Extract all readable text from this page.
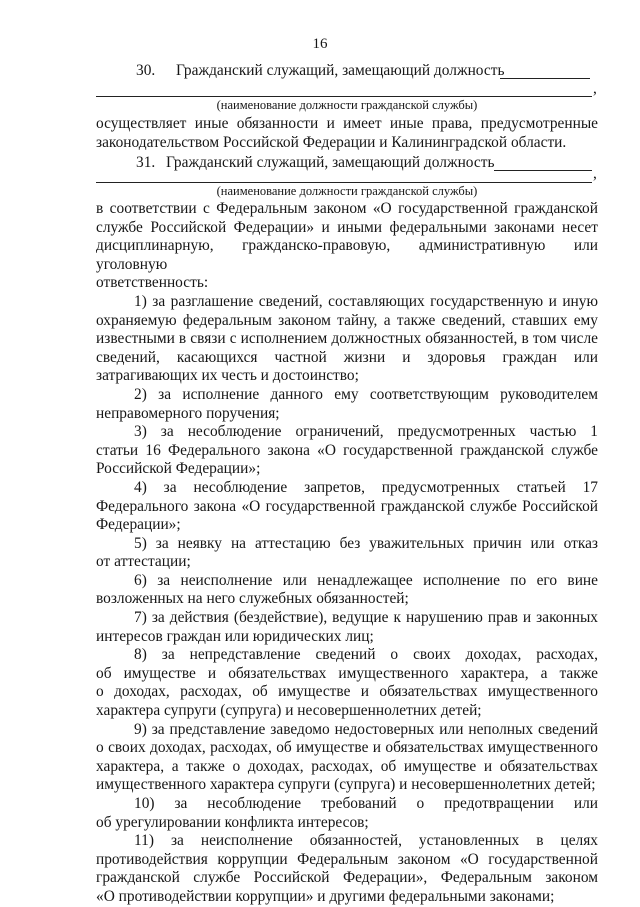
16
30. Гражданский служащий, замещающий должность
,
(наименование должности гражданской службы)
осуществляет иные обязанности и имеет иные права, предусмотренные
законодательством Российской Федерации и Калининградской области.
31. Гражданский служащий, замещающий должность
,
(наименование должности гражданской службы)
в соответствии с Федеральным законом «О государственной гражданской
службе Российской Федерации» и иными федеральными законами несет
дисциплинарную, гражданско-правовую, административную или уголовную
ответственность:
1) за разглашение сведений, составляющих государственную и иную
охраняемую федеральным законом тайну, а также сведений, ставших ему
известными в связи с исполнением должностных обязанностей, в том числе
сведений, касающихся частной жизни и здоровья граждан или
затрагивающих их честь и достоинство;
2) за исполнение данного ему соответствующим руководителем
неправомерного поручения;
3) за несоблюдение ограничений, предусмотренных частью 1
статьи 16 Федерального закона «О государственной гражданской службе
Российской Федерации»;
4) за несоблюдение запретов, предусмотренных статьей 17
Федерального закона «О государственной гражданской службе Российской
Федерации»;
5) за неявку на аттестацию без уважительных причин или отказ
от аттестации;
6) за неисполнение или ненадлежащее исполнение по его вине
возложенных на него служебных обязанностей;
7) за действия (бездействие), ведущие к нарушению прав и законных
интересов граждан или юридических лиц;
8) за непредставление сведений о своих доходах, расходах,
об имуществе и обязательствах имущественного характера, а также
о доходах, расходах, об имуществе и обязательствах имущественного
характера супруги (супруга) и несовершеннолетних детей;
9) за представление заведомо недостоверных или неполных сведений
о своих доходах, расходах, об имуществе и обязательствах имущественного
характера, а также о доходах, расходах, об имуществе и обязательствах
имущественного характера супруги (супруга) и несовершеннолетних детей;
10) за несоблюдение требований о предотвращении или
об урегулировании конфликта интересов;
11) за неисполнение обязанностей, установленных в целях
противодействия коррупции Федеральным законом «О государственной
гражданской службе Российской Федерации», Федеральным законом
«О противодействии коррупции» и другими федеральными законами;
